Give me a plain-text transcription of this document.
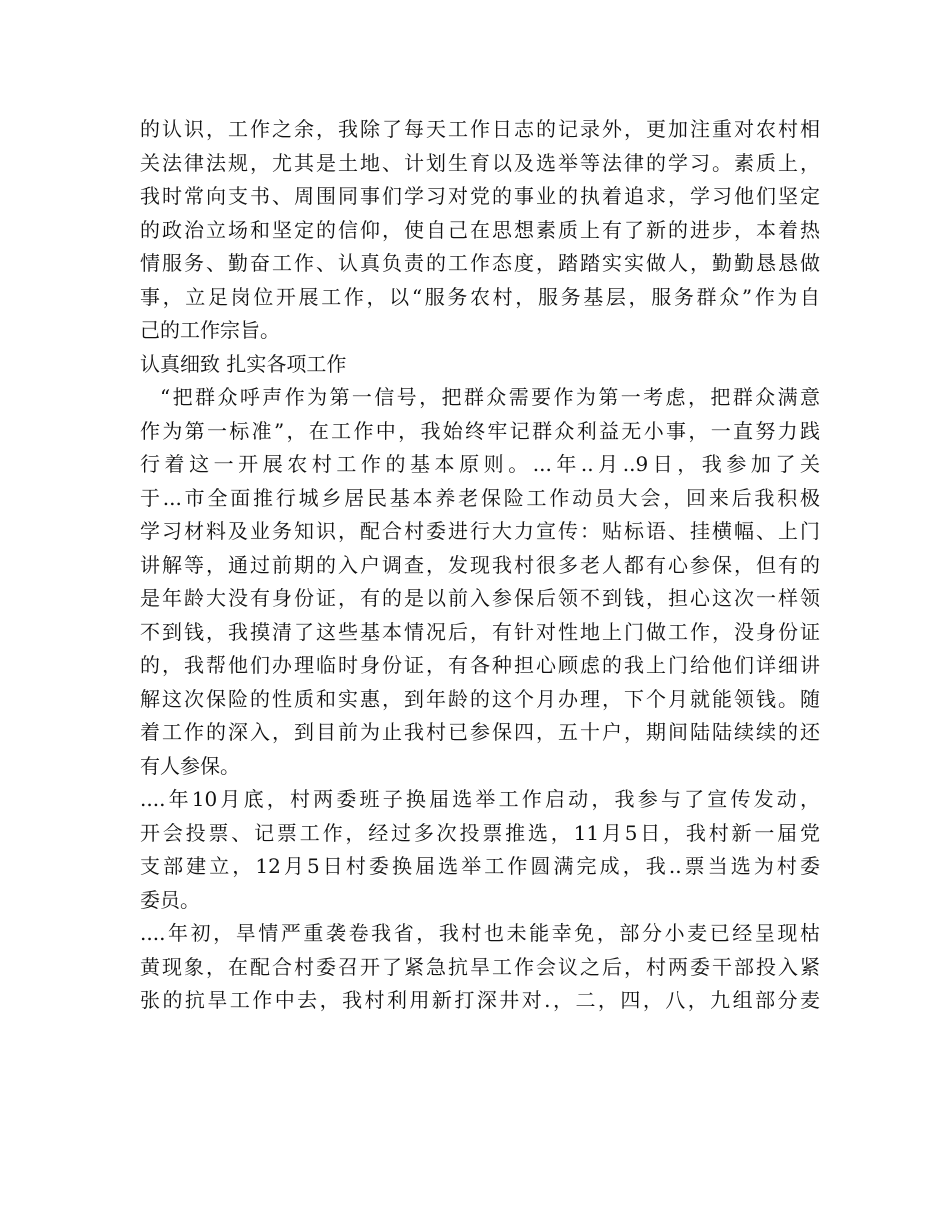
的认识，工作之余，我除了每天工作日志的记录外，更加注重对农村相
关法律法规，尤其是土地、计划生育以及选举等法律的学习。素质上，
我时常向支书、周围同事们学习对党的事业的执着追求，学习他们坚定
的政治立场和坚定的信仰，使自己在思想素质上有了新的进步，本着热
情服务、勤奋工作、认真负责的工作态度，踏踏实实做人，勤勤恳恳做
事，立足岗位开展工作，以“服务农村，服务基层，服务群众”作为自
己的工作宗旨。
认真细致 扎实各项工作
“把群众呼声作为第一信号，把群众需要作为第一考虑，把群众满意
作为第一标准”，在工作中，我始终牢记群众利益无小事，一直努力践
行着这一开展农村工作的基本原则。...年..月..9日，我参加了关
于...市全面推行城乡居民基本养老保险工作动员大会，回来后我积极
学习材料及业务知识，配合村委进行大力宣传：贴标语、挂横幅、上门
讲解等，通过前期的入户调查，发现我村很多老人都有心参保，但有的
是年龄大没有身份证，有的是以前入参保后领不到钱，担心这次一样领
不到钱，我摸清了这些基本情况后，有针对性地上门做工作，没身份证
的，我帮他们办理临时身份证，有各种担心顾虑的我上门给他们详细讲
解这次保险的性质和实惠，到年龄的这个月办理，下个月就能领钱。随
着工作的深入，到目前为止我村已参保四，五十户，期间陆陆续续的还
有人参保。
....年10月底，村两委班子换届选举工作启动，我参与了宣传发动，
开会投票、记票工作，经过多次投票推选，11月5日，我村新一届党
支部建立，12月5日村委换届选举工作圆满完成，我..票当选为村委
委员。
....年初，旱情严重袭卷我省，我村也未能幸免，部分小麦已经呈现枯
黄现象，在配合村委召开了紧急抗旱工作会议之后，村两委干部投入紧
张的抗旱工作中去，我村利用新打深井对.，二，四，八，九组部分麦
